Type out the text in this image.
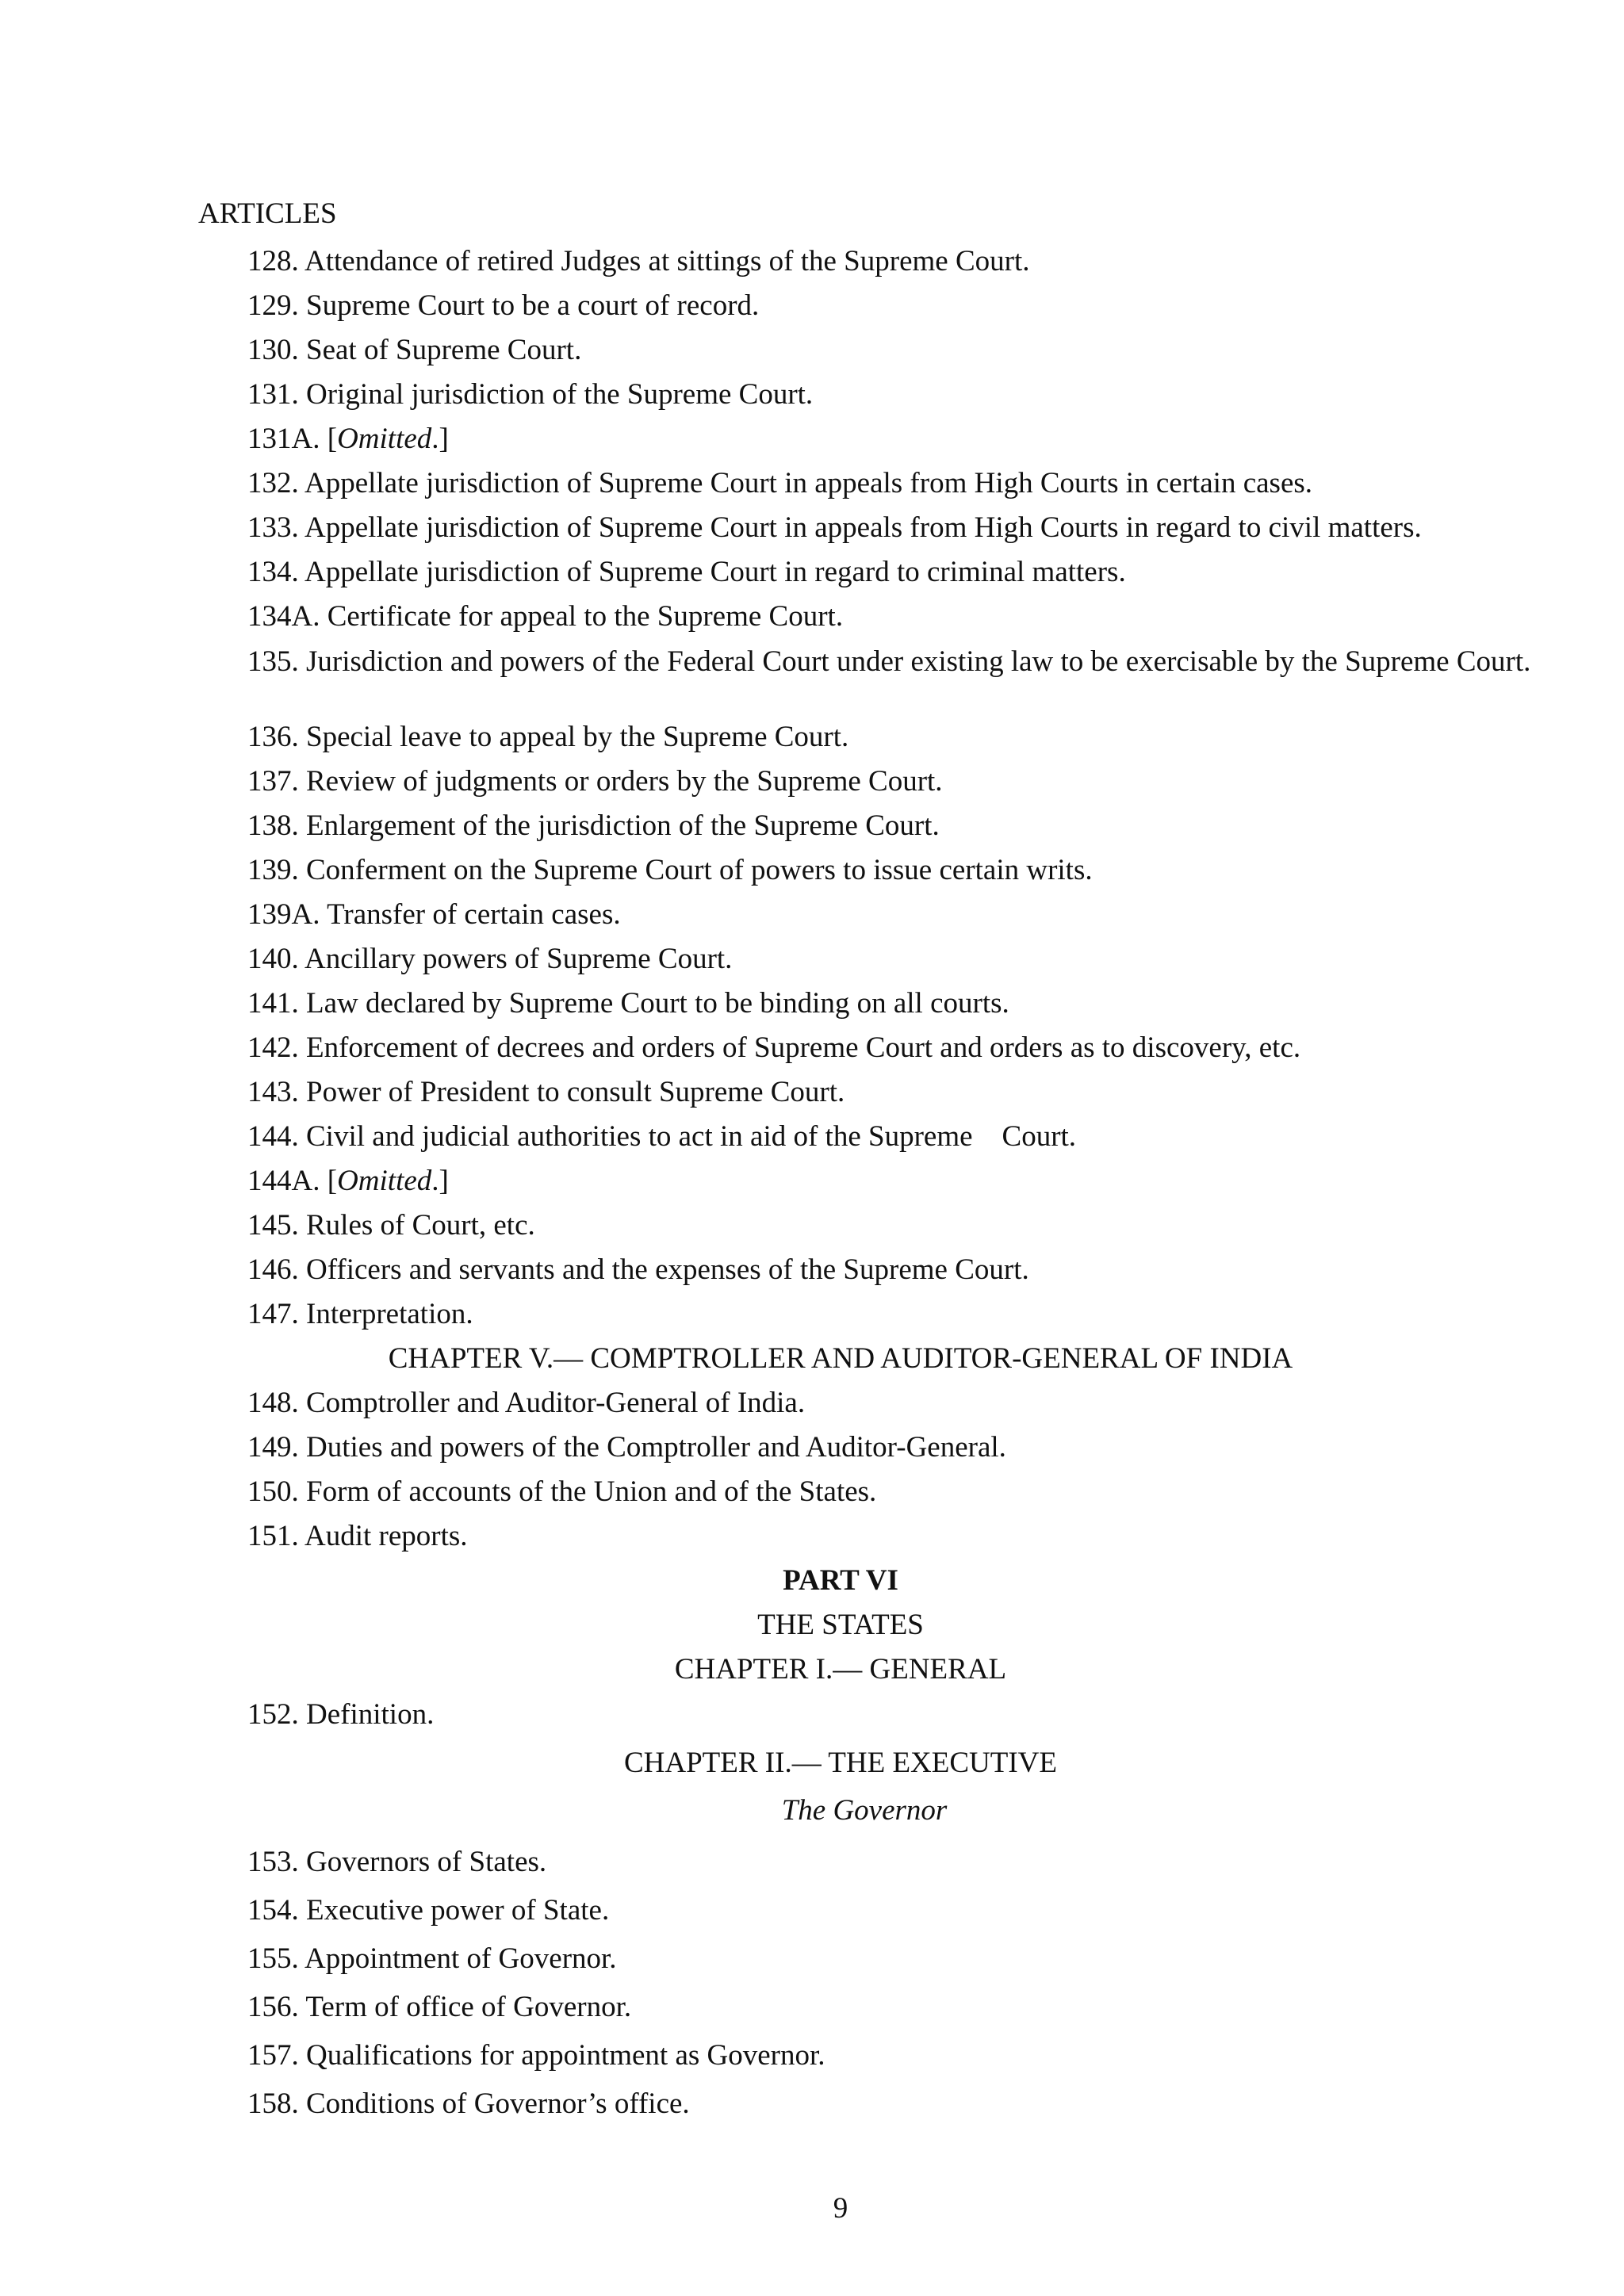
ARTICLES
128. Attendance of retired Judges at sittings of the Supreme Court.
129. Supreme Court to be a court of record.
130. Seat of Supreme Court.
131. Original jurisdiction of the Supreme Court.
131A. [Omitted.]
132. Appellate jurisdiction of Supreme Court in appeals from High Courts in certain cases.
133. Appellate jurisdiction of Supreme Court in appeals from High Courts in regard to civil matters.
134. Appellate jurisdiction of Supreme Court in regard to criminal matters.
134A. Certificate for appeal to the Supreme Court.
135. Jurisdiction and powers of the Federal Court under existing law to be exercisable by the Supreme Court.
136. Special leave to appeal by the Supreme Court.
137. Review of judgments or orders by the Supreme Court.
138. Enlargement of the jurisdiction of the Supreme Court.
139. Conferment on the Supreme Court of powers to issue certain writs.
139A. Transfer of certain cases.
140. Ancillary powers of Supreme Court.
141. Law declared by Supreme Court to be binding on all courts.
142. Enforcement of decrees and orders of Supreme Court and orders as to discovery, etc.
143. Power of President to consult Supreme Court.
144. Civil and judicial authorities to act in aid of the Supreme    Court.
144A. [Omitted.]
145. Rules of Court, etc.
146. Officers and servants and the expenses of the Supreme Court.
147. Interpretation.
CHAPTER V.— COMPTROLLER AND AUDITOR-GENERAL OF INDIA
148. Comptroller and Auditor-General of India.
149. Duties and powers of the Comptroller and Auditor-General.
150. Form of accounts of the Union and of the States.
151. Audit reports.
PART VI
THE STATES
CHAPTER I.— GENERAL
152. Definition.
CHAPTER II.— THE EXECUTIVE
The Governor
153. Governors of States.
154. Executive power of State.
155. Appointment of Governor.
156. Term of office of Governor.
157. Qualifications for appointment as Governor.
158. Conditions of Governor’s office.
9
